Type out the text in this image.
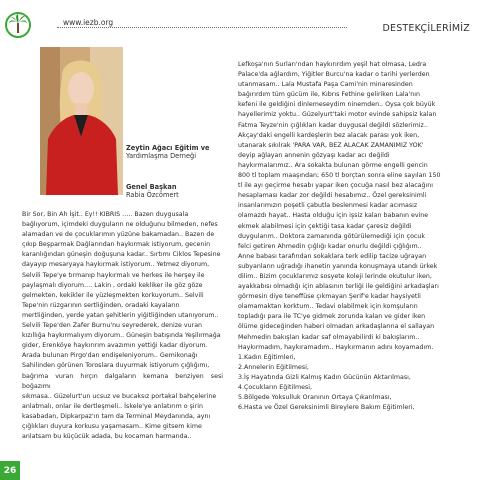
www.iezb.org
DESTEKÇİLERİMİZ
Zeytin Ağacı Eğitim ve
Yardımlaşma Derneği
Genel Başkan
Rabia Özcömert
Bir Sor, Bin Ah İşit.. Ey!! KIBRIS ….. Bazen duygusala
bağlıyorum, içimdeki duyguların ne olduğunu bilmeden, nefes
alamadan ve de çocuklarımın yüzüne bakamadan.. Bazen de
çıkıp Beşparmak Dağlarından haykırmak istiyorum, gecenin
karanlığından güneşin doğuşuna kadar.. Sırtımı Ciklos Tepesine
dayayıp mesaryaya haykırmak istiyorum.. Yetmez diyorum,
Selvili Tepe'ye tırmanıp haykırmalı ve herkes ile herşey ile
paylaşmalı diyorum…. Lakin , ordaki kekliker ile göz göze
gelmekten, kekikler ile yüzleşmekten korkuyorum.. Selvili
Tepe'nin rüzgarının sertliğinden, oradaki kayaların
mertliğinden, yerde yatan şehitlerin yiğitliğinden utanıyorum..
Selvili Tepe'den Zafer Burnu'nu seyrederek, denize vuran
kızıllığa haykırmalıyım diyorum.. Güneşin batışında Yeşilırmağa
gider, Erenköye haykırırım avazımın yettiği kadar diyorum.
Arada bulunan Pirgo'dan endişeleniyorum.. Gemikonağı
Sahilinden görünen Toroslara duyurmak istiyorum çığlığımı,
bağrıma vuran hırçın dalgaların kemana benziyen sesi boğazımı
sıkmasa.. Güzelurt'un ucsuz ve bucaksız portakal bahçelerine
anlatmalı, onlar ile dertleşmeli.. İskele'ye anlatırım o şirin
kasabadan, Dipkarpaz'ın tam da Terminal Meydanında, aynı
çığlıkları duyura korkusu yaşamasam.. Kime gitsem kime
anlatsam bu küçücük adada, bu kocaman harmanda..
Lefkoşa'nın Surları'ndan haykırırdım yeşil hat olmasa, Ledra
Palace'da ağlardım, Yiğitler Burcu'na kadar o tarihi yerlerden
utanmasam.. Lala Mustafa Paşa Cami'nin minaresinden
bağırırdım tüm gücüm ile, Kıbrıs Fethine geliriken Lala'nın
kefeni ile geldiğini dinlemeseydim ninemden.. Oysa çok büyük
hayellerimiz yoktu.. Güzelyurt'taki motor evinde sahipsiz kalan
Fatma Teyze'nin çığlıkları kadar duygusal değildi sözlerimiz..
Akçay'daki engelli kardeşlerin bez alacak parası yok iken,
utanarak sıkılrak 'PARA VAR, BEZ ALACAK ZAMANIMIZ YOK'
deyip ağlayan annenin gözyaşı kadar acı değildi
haykırmalarımız.. Ara sokakta bulunan görme engelli gencin
800 tl toplam maaşından; 650 tl borçtan sonra eline sayılan 150
tl ile ayı geçirme hesabı yapar iken çocuğa nasıl bez alacağını
hesaplaması kadar zor değildi hesabımız.. Özel gereksinimli
insanlarımızın poşetli çabutla beslenmesi kadar acımasız
olamazdı hayat.. Hasta olduğu için işsiz kalan babanın evine
ekmek alabilmesi için çektiği tasa kadar çaresiz değildi
duygularım.. Doktora zamanında götürülemediği için çocuk
felci getiren Ahmedin çığlığı kadar onurlu değildi çığlığım..
Anne babası tarafından sokaklara terk edilip tacize uğrayan
subyanların uğradığı ihanetin yanında konuşmaya utandı ürkek
dilim.. Bizim çocuklarımız sosyete koleji lerinde okutulur iken,
ayakkabısı olmadığı için ablasının terliği ile geldiğini arkadaşları
görmesin diye teneffüse çıkmayan Şerif'e kadar haysiyetli
olamamaktan korktum.. Tedavi olabilmek için komşuların
topladığı para ile TC'ye gidmek zorunda kalan ve gider iken
ölüme gideceğinden haberi olmadan arkadaşlarına el sallayan
Mehmedin bakışları kadar saf olmayabilirdi ki bakışlarım..
Haykırmadım, haykıramadım.. Haykırmanın adını koyamadım.
1.Kadın Eğitimleri,
2.Annelerin Eğitilmesi,
3.İş Hayatında Gizli Kalmış Kadın Gücünün Aktarılması,
4.Çocukların Eğitilmesi,
5.Bölgede Yoksulluk Oranının Ortaya Çıkarılması,
6.Hasta ve Özel Gereksinimli Bireylere Bakım Eğitimleri,
26
